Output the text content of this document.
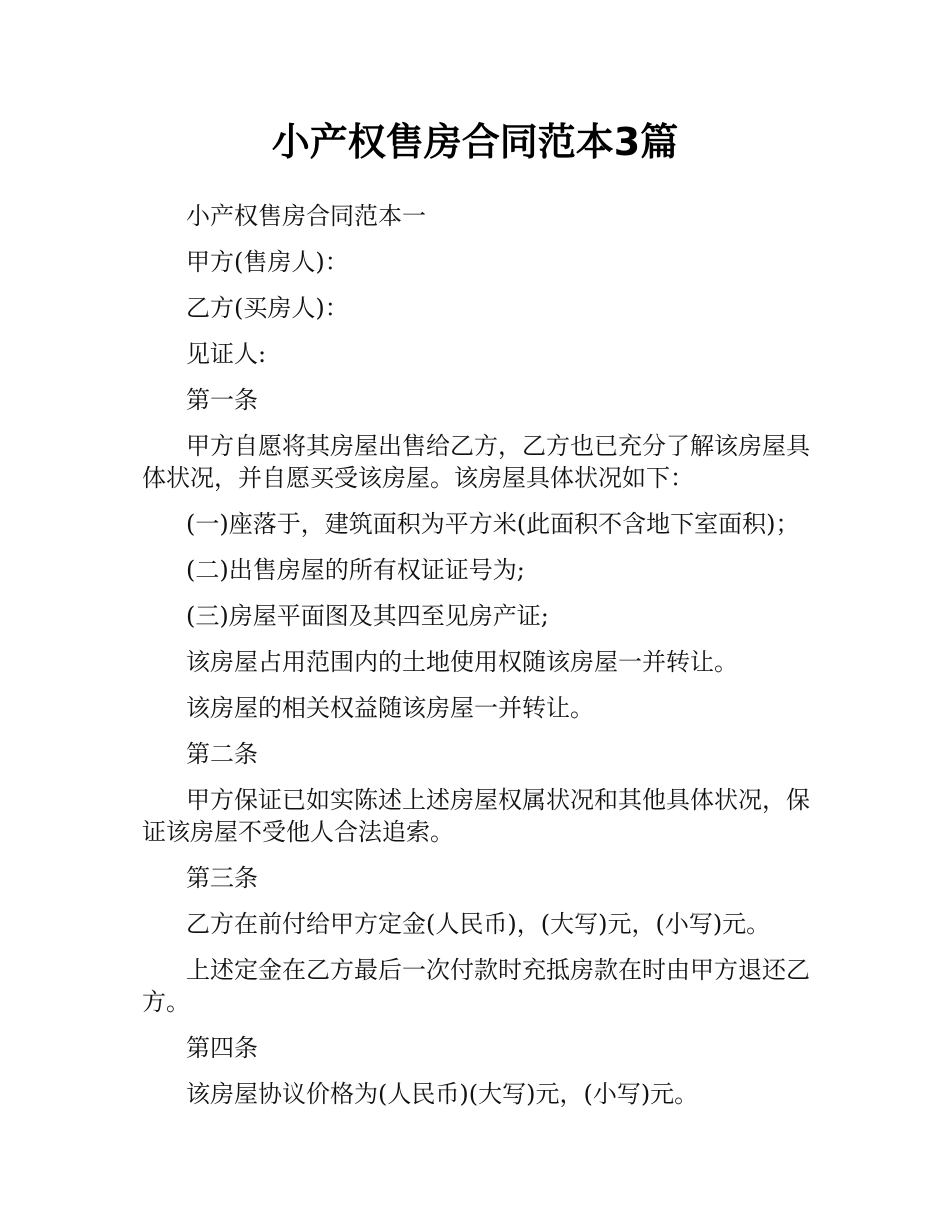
小产权售房合同范本3篇

小产权售房合同范本一

甲方(售房人)：

乙方(买房人)：

见证人:

第一条

甲方自愿将其房屋出售给乙方，乙方也已充分了解该房屋具体状况，并自愿买受该房屋。该房屋具体状况如下：

(一)座落于，建筑面积为平方米(此面积不含地下室面积)；

(二)出售房屋的所有权证证号为;

(三)房屋平面图及其四至见房产证;

该房屋占用范围内的土地使用权随该房屋一并转让。

该房屋的相关权益随该房屋一并转让。

第二条

甲方保证已如实陈述上述房屋权属状况和其他具体状况，保证该房屋不受他人合法追索。

第三条

乙方在前付给甲方定金(人民币)，(大写)元，(小写)元。

上述定金在乙方最后一次付款时充抵房款在时由甲方退还乙方。

第四条

该房屋协议价格为(人民币)(大写)元，(小写)元。
